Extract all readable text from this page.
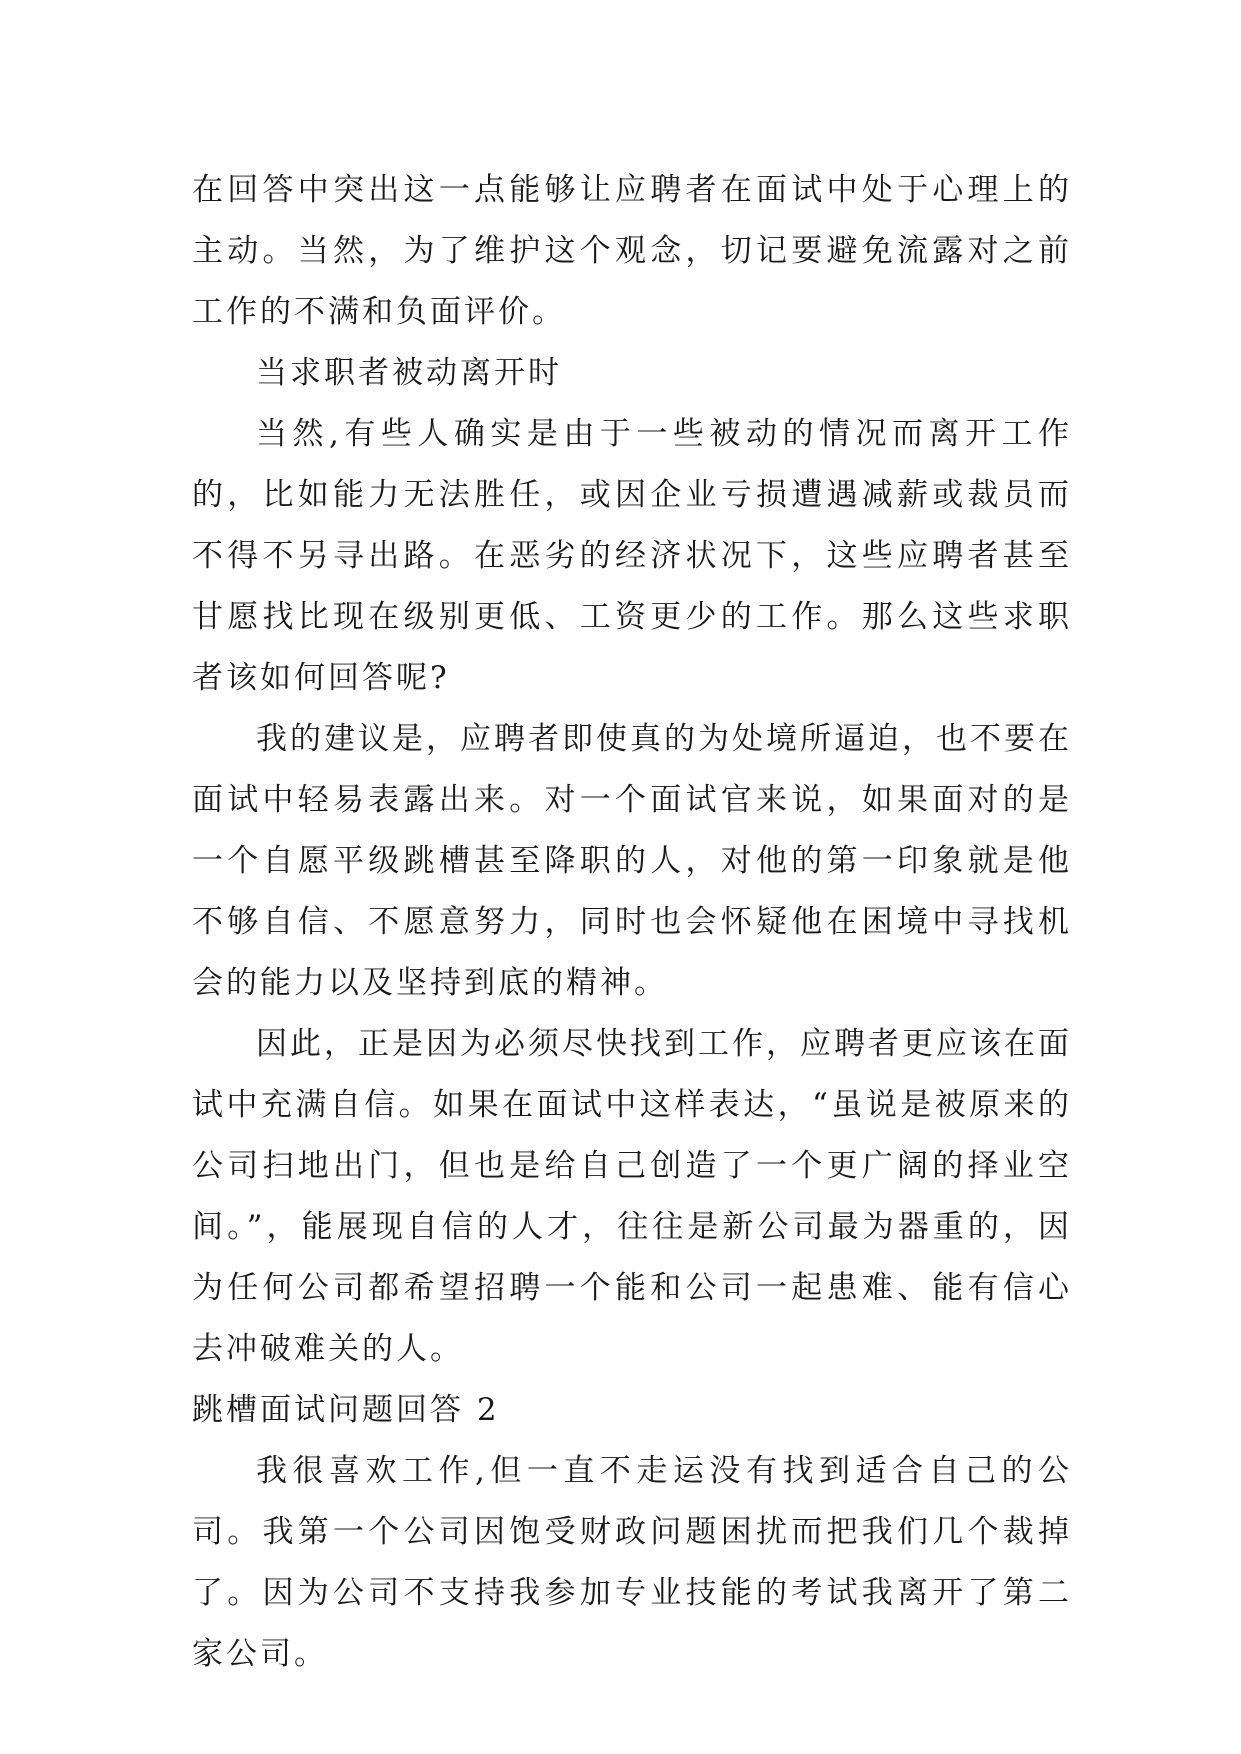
在回答中突出这一点能够让应聘者在面试中处于心理上的主动。当然，为了维护这个观念，切记要避免流露对之前工作的不满和负面评价。

当求职者被动离开时

当然,有些人确实是由于一些被动的情况而离开工作的，比如能力无法胜任，或因企业亏损遭遇减薪或裁员而不得不另寻出路。在恶劣的经济状况下，这些应聘者甚至甘愿找比现在级别更低、工资更少的工作。那么这些求职者该如何回答呢?

我的建议是，应聘者即使真的为处境所逼迫，也不要在面试中轻易表露出来。对一个面试官来说，如果面对的是一个自愿平级跳槽甚至降职的人，对他的第一印象就是他不够自信、不愿意努力，同时也会怀疑他在困境中寻找机会的能力以及坚持到底的精神。

因此，正是因为必须尽快找到工作，应聘者更应该在面试中充满自信。如果在面试中这样表达，“虽说是被原来的公司扫地出门，但也是给自己创造了一个更广阔的择业空间。”，能展现自信的人才，往往是新公司最为器重的，因为任何公司都希望招聘一个能和公司一起患难、能有信心去冲破难关的人。

跳槽面试问题回答 2

我很喜欢工作,但一直不走运没有找到适合自己的公司。我第一个公司因饱受财政问题困扰而把我们几个裁掉了。因为公司不支持我参加专业技能的考试我离开了第二家公司。
